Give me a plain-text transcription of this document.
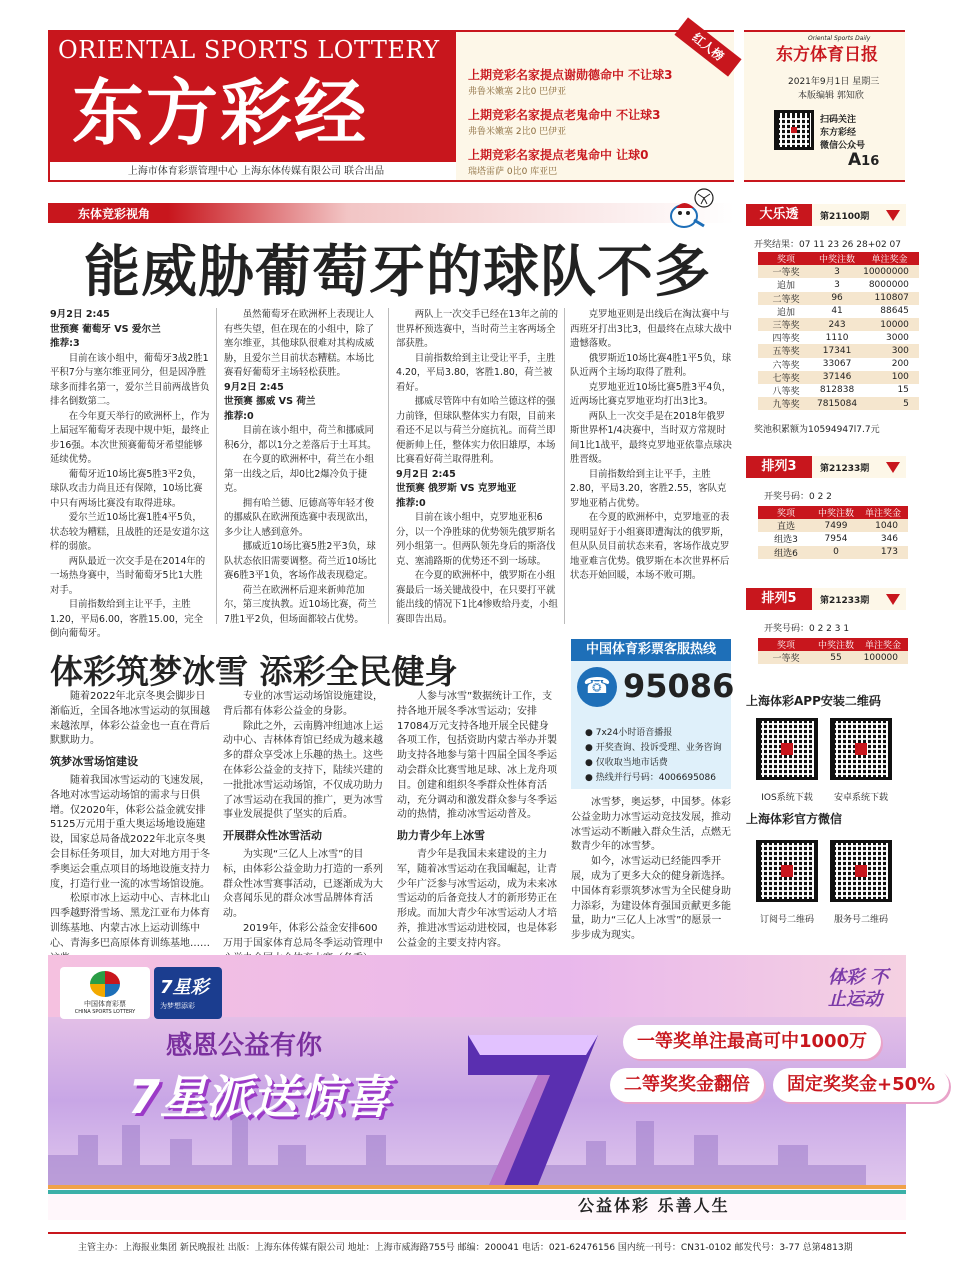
ORIENTAL SPORTS LOTTERY
东方彩经
上海市体育彩票管理中心 上海东体传媒有限公司 联合出品
上期竞彩名家提点谢勋德命中 不让球3
弗鲁米嫩塞 2比0 巴伊亚
上期竞彩名家提点老鬼命中 不让球3
弗鲁米嫩塞 2比0 巴伊亚
上期竞彩名家提点老鬼命中 让球0
瑞塔雷萨 0比0 库亚巴
红人榜	东方体育日报
Oriental Sports Daily
2021年9月1日 星期三
本版编辑 郭知欣
扫码关注
东方彩经
微信公众号
A16
东体竞彩视角
能威胁葡萄牙的球队不多

9月2日 2:45

世预赛 葡萄牙 VS 爱尔兰

推荐:3

目前在该小组中，葡萄牙3战2胜1平积7分与塞尔维亚同分，但是因净胜球多而排名第一，爱尔兰目前两战皆负排名倒数第二。

在今年夏天举行的欧洲杯上，作为上届冠军葡萄牙表现中规中矩，最终止步16强。本次世预赛葡萄牙希望能够延续优势。

葡萄牙近10场比赛5胜3平2负，球队攻击力尚且还有保障，10场比赛中只有两场比赛没有取得进球。

爱尔兰近10场比赛1胜4平5负，状态较为糟糕，且战胜的还是安道尔这样的弱旅。

两队最近一次交手是在2014年的一场热身赛中，当时葡萄牙5比1大胜对手。

目前指数给到主让平手，主胜1.20，平局6.00，客胜15.00，完全倒向葡萄牙。

虽然葡萄牙在欧洲杯上表现让人有些失望，但在现在的小组中，除了塞尔维亚，其他球队很难对其构成威胁，且爱尔兰目前状态糟糕。本场比赛看好葡萄牙主场轻松获胜。

9月2日 2:45

世预赛 挪威 VS 荷兰

推荐:0

目前在该小组中，荷兰和挪威同积6分，都以1分之差落后于土耳其。

在今夏的欧洲杯中，荷兰在小组第一出线之后，却0比2爆冷负于捷克。

拥有哈兰德、厄德高等年轻才俊的挪威队在欧洲预选赛中表现欲出，多少让人感到意外。

挪威近10场比赛5胜2平3负，球队状态依旧需要调整。荷兰近10场比赛6胜3平1负，客场作战表现稳定。

荷兰在欧洲杯后迎来新帅范加尔，第三度执教。近10场比赛，荷兰7胜1平2负，但场面都较占优势。

两队上一次交手已经在13年之前的世界杯预选赛中，当时荷兰主客两场全部获胜。

目前指数给到主让受让平手，主胜4.20，平局3.80，客胜1.80，荷兰被看好。

挪威尽管阵中有如哈兰德这样的强力前锋，但球队整体实力有限，目前来看还不足以与荷兰分庭抗礼。而荷兰即便新帅上任，整体实力依旧雄厚，本场比赛看好荷兰取得胜利。

9月2日 2:45

世预赛 俄罗斯 VS 克罗地亚

推荐:0

目前在该小组中，克罗地亚积6分，以一个净胜球的优势领先俄罗斯名列小组第一。但两队领先身后的斯洛伐克、塞浦路斯的优势还不到一场球。

在今夏的欧洲杯中，俄罗斯在小组赛最后一场关键战役中，在只要打平就能出线的情况下1比4惨败给丹麦，小组赛即告出局。

克罗地亚则是出线后在淘汰赛中与西班牙打出3比3，但最终在点球大战中遗憾落败。

俄罗斯近10场比赛4胜1平5负，球队近两个主场均取得了胜利。

克罗地亚近10场比赛5胜3平4负，近两场比赛克罗地亚均打出3比3。

两队上一次交手是在2018年俄罗斯世界杯1/4决赛中，当时双方常规时间1比1战平，最终克罗地亚依靠点球决胜晋级。

目前指数给到主让平手，主胜2.80，平局3.20，客胜2.55，客队克罗地亚稍占优势。

在今夏的欧洲杯中，克罗地亚的表现明显好于小组赛即遭淘汰的俄罗斯，但从队员目前状态来看，客场作战克罗地亚难言优势。俄罗斯在本次世界杯后状态开始回暖，本场不败可期。

体彩筑梦冰雪 添彩全民健身

随着2022年北京冬奥会脚步日渐临近，全国各地冰雪运动的氛围越来越浓厚，体彩公益金也一直在背后默默助力。

筑梦冰雪场馆建设

随着我国冰雪运动的飞速发展，各地对冰雪运动场馆的需求与日俱增。仅2020年，体彩公益金就安排5125万元用于重大奥运场地设施建设，国家总局备战2022年北京冬奥会目标任务项目，加大对地方用于冬季奥运会重点项目的场地设施支持力度，打造行业一流的冰雪场馆设施。

松原市冰上运动中心、吉林北山四季越野滑雪场、黑龙江亚布力体育训练基地、内蒙古冰上运动训练中心、青海多巴高原体育训练基地……

专业的冰雪运动场馆设施建设，背后都有体彩公益金的身影。

除此之外，云南腾冲纽迪冰上运动中心、吉林体育馆已经成为越来越多的群众享受冰上乐趣的热土。这些在体彩公益金的支持下，陆续兴建的一批批冰雪运动场馆，不仅成功助力了冰雪运动在我国的推广，更为冰雪事业发展提供了坚实的后盾。

开展群众性冰雪活动

为实现“三亿人上冰雪”的目标，由体彩公益金助力打造的一系列群众性冰雪赛事活动，已逐渐成为大众喜闻乐见的群众冰雪品牌体育活动。

2019年，体彩公益金安排600万用于国家体育总局冬季运动管理中

人参与冰雪”数据统计工作，支持各地开展冬季冰雪运动；安排17084万元支持各地开展全民健身各项工作，包括资助内蒙古举办并製助支持各地参与第十四届全国冬季运动会群众比赛雪地足球、冰上龙舟项目。创建和组织冬季群众性体育活动，充分调动和激发群众参与冬季运动的热情，推动冰雪运动普及。

助力青少年上冰雪

青少年是我国未来建设的主力军，随着冰雪运动在我国崛起，让青少年广泛参与冰雪运动，成为未来冰雪运动的后备竞技人才的新形势正在形成。而加大青少年冰雪运动人才培养，推进冰雪运动进校园，也是体彩公益金的主要支持内容。

冰雪梦，奥运梦，中国梦。体彩公益金助力冰雪运动竞技发展，推动冰雪运动不断融入群众生活，点燃无数青少年的冰雪梦。

如今，冰雪运动已经能四季开展，成为了更多大众的健身新选择。中国体育彩票筑梦冰雪为全民健身助力添彩，为建设体育强国贡献更多能量，助力“三亿人上冰雪”的愿景一步步成为现实。

中国体育彩票客服热线
☎ 95086
● 7x24小时语音播报
● 开奖查询、投诉受理、业务咨询
● 仅收取当地市话费
● 热线并行号码：4006695086
大乐透	第21100期
开奖结果：07 11 23 26 28+02 07
奖项	中奖注数	单注奖金
一等奖	3	10000000
追加	3	8000000
二等奖	96	110807
追加	41	88645
三等奖	243	10000
四等奖	1110	3000
五等奖	17341	300
六等奖	33067	200
七等奖	37146	100
八等奖	812838	15
九等奖	7815084	5
奖池积累额为10594947l7.7元
排列3	第21233期
开奖号码：0 2 2
奖项	中奖注数	单注奖金
直选	7499	1040
组选3	7954	346
组选6	0	173
排列5	第21233期
开奖号码：0 2 2 3 1
奖项	中奖注数	单注奖金
一等奖	55	100000
上海体彩APP安装二维码
IOS系统下载	安卓系统下载
上海体彩官方微信
订阅号二维码	服务号二维码
中国体育彩票
CHINA SPORTS LOTTERY
7星彩
为梦想添彩
体彩 不止运动
感恩公益有你
7星派送惊喜
一等奖单注最高可中1000万
二等奖奖金翻倍	固定奖奖金+50%
公益体彩 乐善人生
主管主办：上海报业集团 新民晚报社 出版：上海东体传媒有限公司 地址：上海市威海路755号 邮编：200041 电话：021-62476156 国内统一刊号：CN31-0102 邮发代号：3-77 总第4813期
